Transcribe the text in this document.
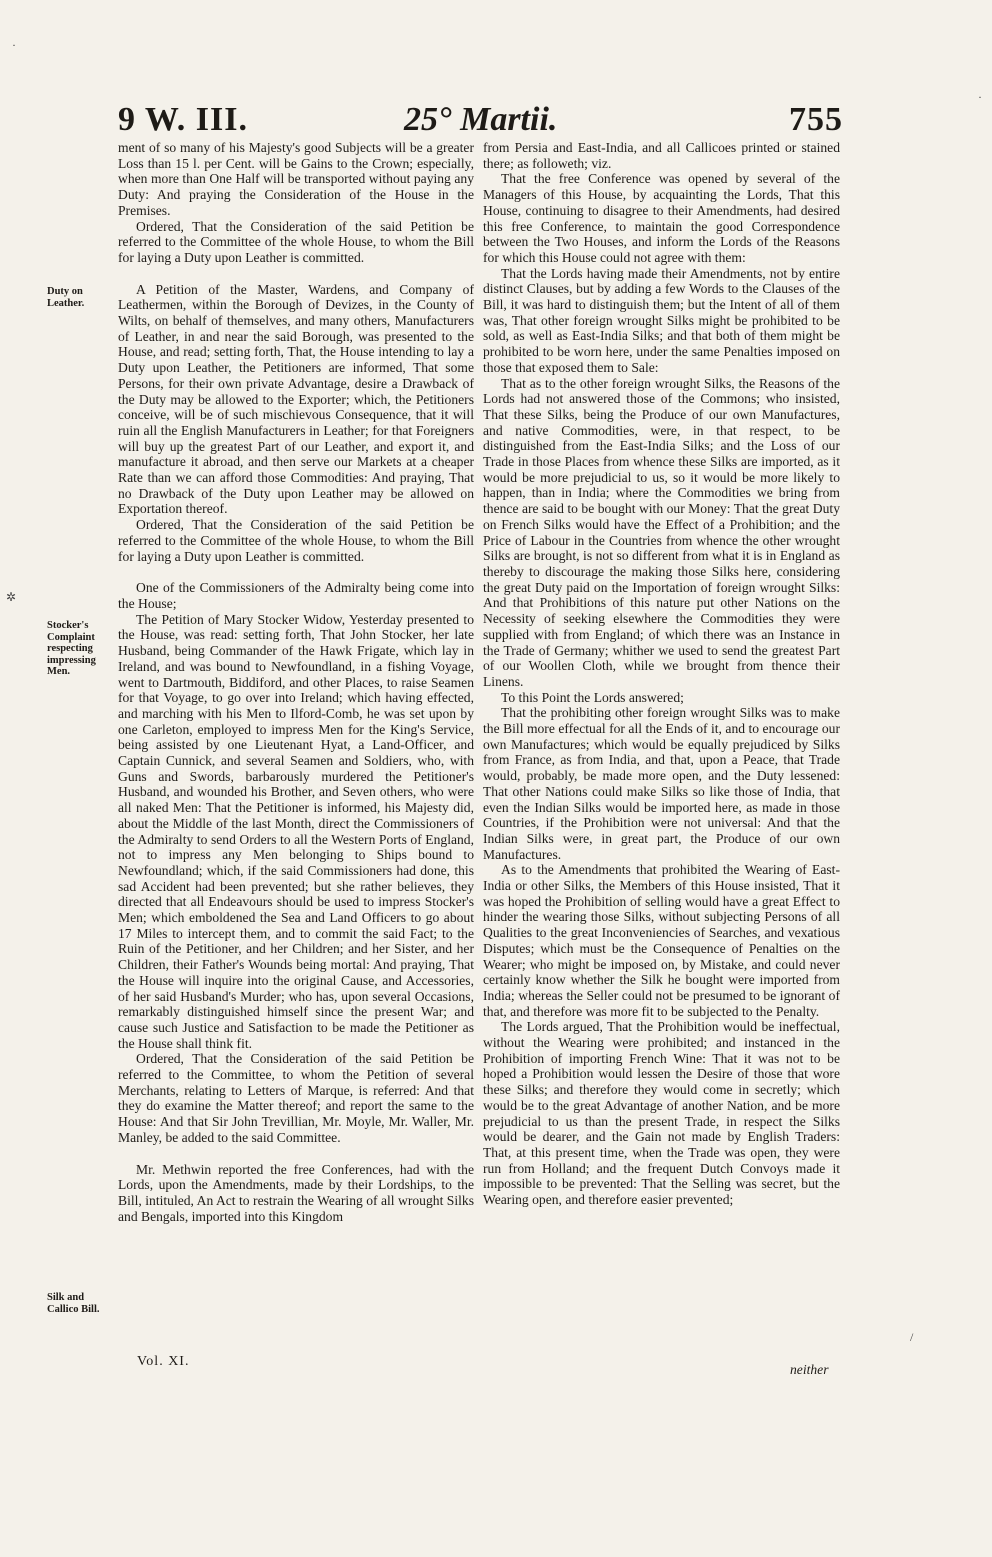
9 W. III.	25° Martii.	755
Duty on Leather.
Stocker's Complaint respecting impressing Men.
Silk and Callico Bill.

ment of so many of his Majesty's good Subjects will be a greater Loss than 15 l. per Cent. will be Gains to the Crown; especially, when more than One Half will be transported without paying any Duty: And praying the Consideration of the House in the Premises.

Ordered, That the Consideration of the said Petition be referred to the Committee of the whole House, to whom the Bill for laying a Duty upon Leather is committed.

A Petition of the Master, Wardens, and Company of Leathermen, within the Borough of Devizes, in the County of Wilts, on behalf of themselves, and many others, Manufacturers of Leather, in and near the said Borough, was presented to the House, and read; setting forth, That, the House intending to lay a Duty upon Leather, the Petitioners are informed, That some Persons, for their own private Advantage, desire a Drawback of the Duty may be allowed to the Exporter; which, the Petitioners conceive, will be of such mischievous Consequence, that it will ruin all the English Manufacturers in Leather; for that Foreigners will buy up the greatest Part of our Leather, and export it, and manufacture it abroad, and then serve our Markets at a cheaper Rate than we can afford those Commodities: And praying, That no Drawback of the Duty upon Leather may be allowed on Exportation thereof.

Ordered, That the Consideration of the said Petition be referred to the Committee of the whole House, to whom the Bill for laying a Duty upon Leather is committed.

One of the Commissioners of the Admiralty being come into the House;

The Petition of Mary Stocker Widow, Yesterday presented to the House, was read: setting forth, That John Stocker, her late Husband, being Commander of the Hawk Frigate, which lay in Ireland, and was bound to Newfoundland, in a fishing Voyage, went to Dartmouth, Biddiford, and other Places, to raise Seamen for that Voyage, to go over into Ireland; which having effected, and marching with his Men to Ilford-Comb, he was set upon by one Carleton, employed to impress Men for the King's Service, being assisted by one Lieutenant Hyat, a Land-Officer, and Captain Cunnick, and several Seamen and Soldiers, who, with Guns and Swords, barbarously murdered the Petitioner's Husband, and wounded his Brother, and Seven others, who were all naked Men: That the Petitioner is informed, his Majesty did, about the Middle of the last Month, direct the Commissioners of the Admiralty to send Orders to all the Western Ports of England, not to impress any Men belonging to Ships bound to Newfoundland; which, if the said Commissioners had done, this sad Accident had been prevented; but she rather believes, they directed that all Endeavours should be used to impress Stocker's Men; which emboldened the Sea and Land Officers to go about 17 Miles to intercept them, and to commit the said Fact; to the Ruin of the Petitioner, and her Children; and her Sister, and her Children, their Father's Wounds being mortal: And praying, That the House will inquire into the original Cause, and Accessories, of her said Husband's Murder; who has, upon several Occasions, remarkably distinguished himself since the present War; and cause such Justice and Satisfaction to be made the Petitioner as the House shall think fit.

Ordered, That the Consideration of the said Petition be referred to the Committee, to whom the Petition of several Merchants, relating to Letters of Marque, is referred: And that they do examine the Matter thereof; and report the same to the House: And that Sir John Trevillian, Mr. Moyle, Mr. Waller, Mr. Manley, be added to the said Committee.

Mr. Methwin reported the free Conferences, had with the Lords, upon the Amendments, made by their Lordships, to the Bill, intituled, An Act to restrain the Wearing of all wrought Silks and Bengals, imported into this Kingdom

from Persia and East-India, and all Callicoes printed or stained there; as followeth; viz.

That the free Conference was opened by several of the Managers of this House, by acquainting the Lords, That this House, continuing to disagree to their Amendments, had desired this free Conference, to maintain the good Correspondence between the Two Houses, and inform the Lords of the Reasons for which this House could not agree with them:

That the Lords having made their Amendments, not by entire distinct Clauses, but by adding a few Words to the Clauses of the Bill, it was hard to distinguish them; but the Intent of all of them was, That other foreign wrought Silks might be prohibited to be sold, as well as East-India Silks; and that both of them might be prohibited to be worn here, under the same Penalties imposed on those that exposed them to Sale:

That as to the other foreign wrought Silks, the Reasons of the Lords had not answered those of the Commons; who insisted, That these Silks, being the Produce of our own Manufactures, and native Commodities, were, in that respect, to be distinguished from the East-India Silks; and the Loss of our Trade in those Places from whence these Silks are imported, as it would be more prejudicial to us, so it would be more likely to happen, than in India; where the Commodities we bring from thence are said to be bought with our Money: That the great Duty on French Silks would have the Effect of a Prohibition; and the Price of Labour in the Countries from whence the other wrought Silks are brought, is not so different from what it is in England as thereby to discourage the making those Silks here, considering the great Duty paid on the Importation of foreign wrought Silks: And that Prohibitions of this nature put other Nations on the Necessity of seeking elsewhere the Commodities they were supplied with from England; of which there was an Instance in the Trade of Germany; whither we used to send the greatest Part of our Woollen Cloth, while we brought from thence their Linens.

To this Point the Lords answered;

That the prohibiting other foreign wrought Silks was to make the Bill more effectual for all the Ends of it, and to encourage our own Manufactures; which would be equally prejudiced by Silks from France, as from India, and that, upon a Peace, that Trade would, probably, be made more open, and the Duty lessened: That other Nations could make Silks so like those of India, that even the Indian Silks would be imported here, as made in those Countries, if the Prohibition were not universal: And that the Indian Silks were, in great part, the Produce of our own Manufactures.

As to the Amendments that prohibited the Wearing of East-India or other Silks, the Members of this House insisted, That it was hoped the Prohibition of selling would have a great Effect to hinder the wearing those Silks, without subjecting Persons of all Qualities to the great Inconveniencies of Searches, and vexatious Disputes; which must be the Consequence of Penalties on the Wearer; who might be imposed on, by Mistake, and could never certainly know whether the Silk he bought were imported from India; whereas the Seller could not be presumed to be ignorant of that, and therefore was more fit to be subjected to the Penalty.

The Lords argued, That the Prohibition would be ineffectual, without the Wearing were prohibited; and instanced in the Prohibition of importing French Wine: That it was not to be hoped a Prohibition would lessen the Desire of those that wore these Silks; and therefore they would come in secretly; which would be to the great Advantage of another Nation, and be more prejudicial to us than the present Trade, in respect the Silks would be dearer, and the Gain not made by English Traders: That, at this present time, when the Trade was open, they were run from Holland; and the frequent Dutch Convoys made it impossible to be prevented: That the Selling was secret, but the Wearing open, and therefore easier prevented;

Vol. XI.
neither
·
✲
·
/
